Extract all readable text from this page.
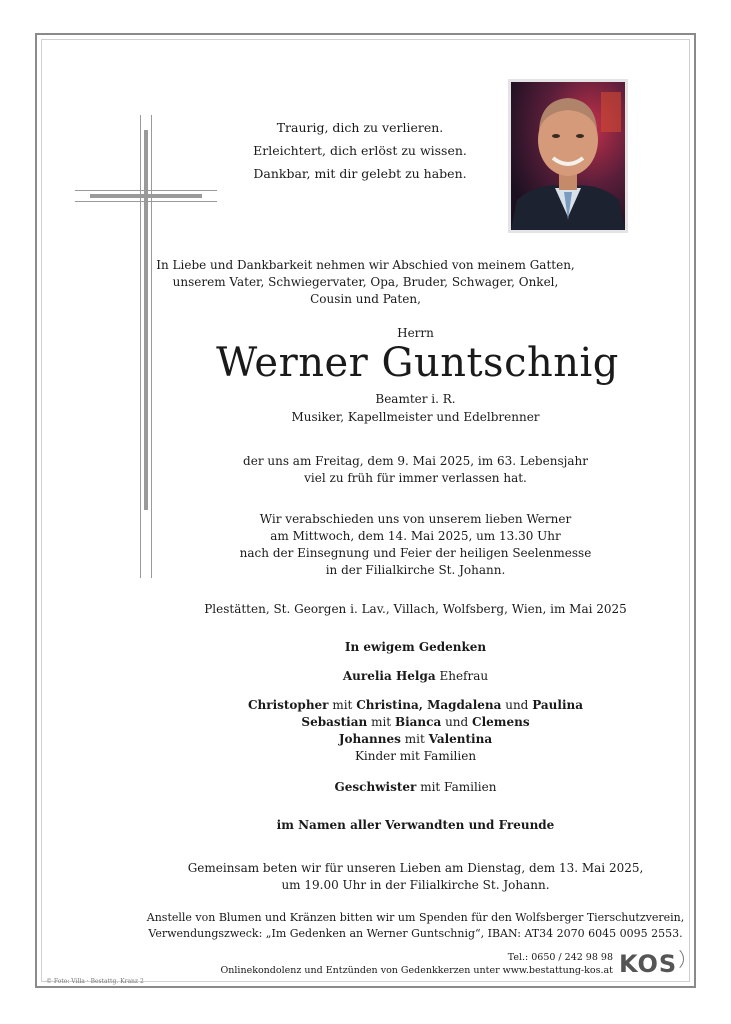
Traurig, dich zu verlieren.
Erleichtert, dich erlöst zu wissen.
Dankbar, mit dir gelebt zu haben.
In Liebe und Dankbarkeit nehmen wir Abschied von meinem Gatten,
unserem Vater, Schwiegervater, Opa, Bruder, Schwager, Onkel,
Cousin und Paten,
Herrn
Werner Guntschnig
Beamter i. R.
Musiker, Kapellmeister und Edelbrenner
der uns am Freitag, dem 9. Mai 2025, im 63. Lebensjahr
viel zu früh für immer verlassen hat.
Wir verabschieden uns von unserem lieben Werner
am Mittwoch, dem 14. Mai 2025, um 13.30 Uhr
nach der Einsegnung und Feier der heiligen Seelenmesse
in der Filialkirche St. Johann.
Plestätten, St. Georgen i. Lav., Villach, Wolfsberg, Wien, im Mai 2025
In ewigem Gedenken
Aurelia Helga Ehefrau
Christopher mit Christina, Magdalena und Paulina
Sebastian mit Bianca und Clemens
Johannes mit Valentina
Kinder mit Familien
Geschwister mit Familien
im Namen aller Verwandten und Freunde
Gemeinsam beten wir für unseren Lieben am Dienstag, dem 13. Mai 2025,
um 19.00 Uhr in der Filialkirche St. Johann.
Anstelle von Blumen und Kränzen bitten wir um Spenden für den Wolfsberger Tierschutzverein,
Verwendungszweck: „Im Gedenken an Werner Guntschnig“, IBAN: AT34 2070 6045 0095 2553.
Tel.: 0650 / 242 98 98
Onlinekondolenz und Entzünden von Gedenkkerzen unter www.bestattung-kos.at KOS
© Foto: Villa · Bestattg. Kranz 2
